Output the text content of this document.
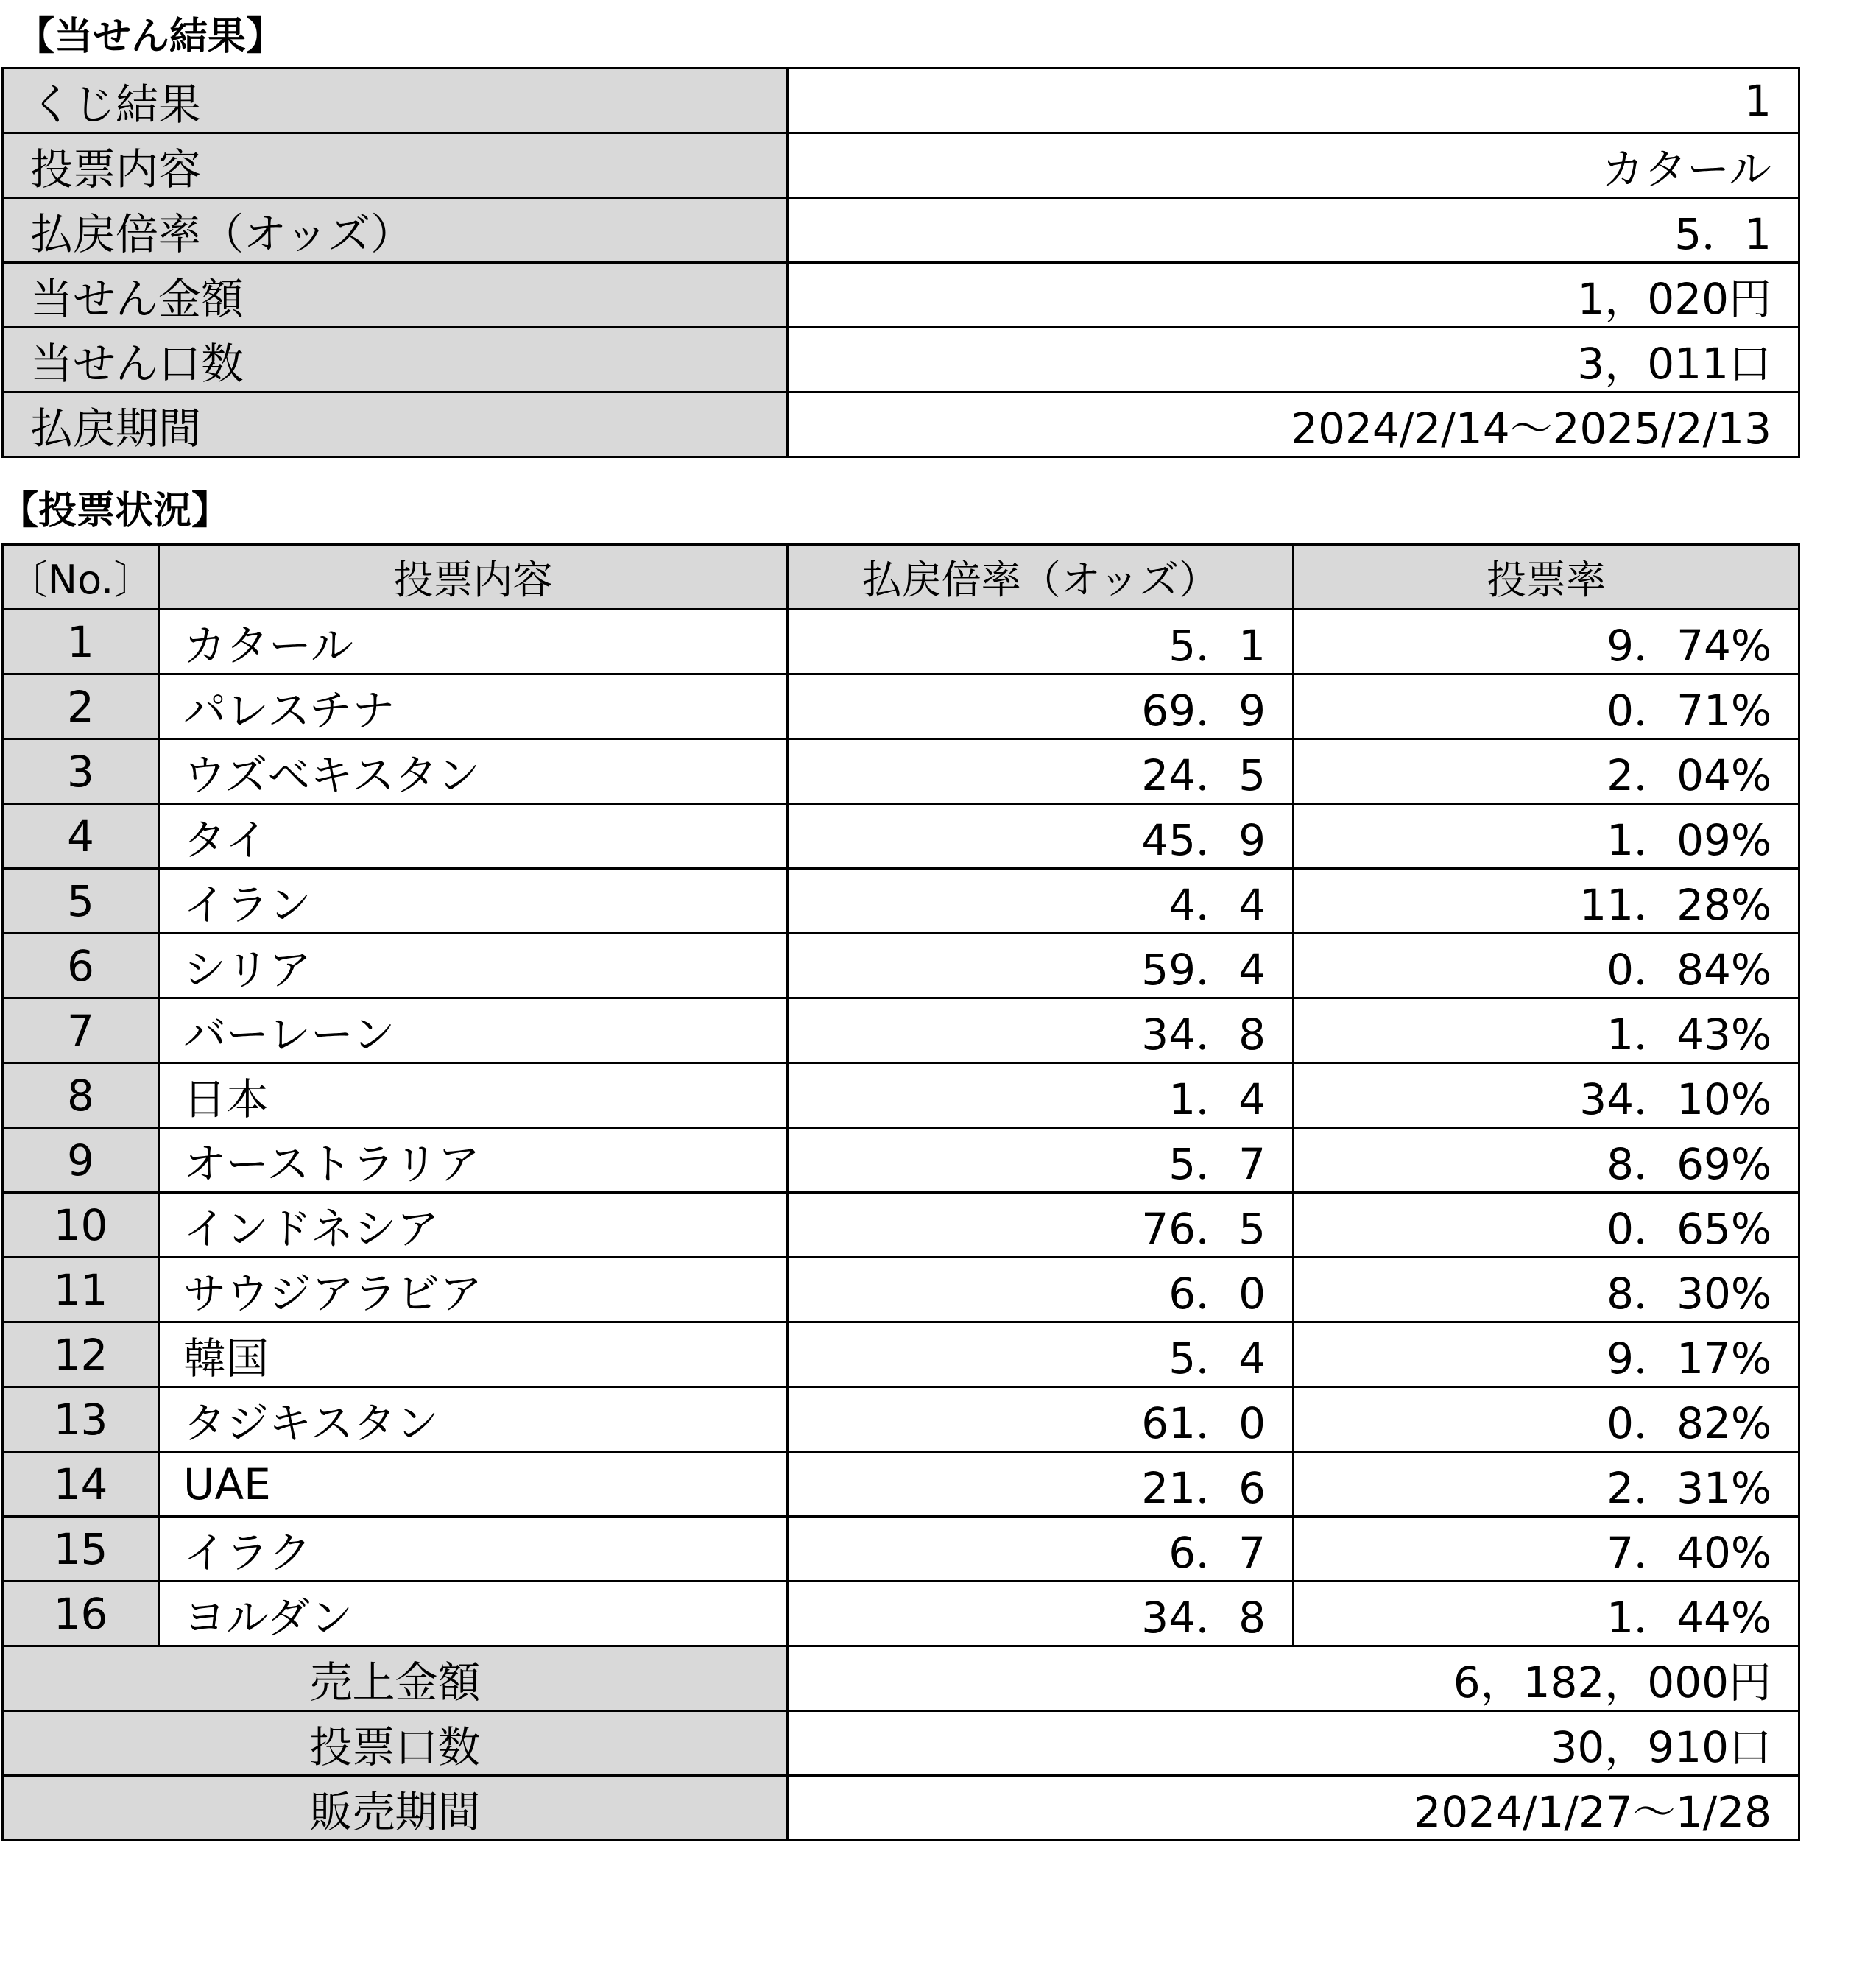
【当せん結果】
くじ結果	1
投票内容	カタール
払戻倍率（オッズ）	5．1
当せん金額	1，020円
当せん口数	3，011口
払戻期間	2024/2/14～2025/2/13
【投票状況】
〔No.〕	投票内容	払戻倍率（オッズ）	投票率
1	カタール	5．1	9．74%
2	パレスチナ	69．9	0．71%
3	ウズベキスタン	24．5	2．04%
4	タイ	45．9	1．09%
5	イラン	4．4	11．28%
6	シリア	59．4	0．84%
7	バーレーン	34．8	1．43%
8	日本	1．4	34．10%
9	オーストラリア	5．7	8．69%
10	インドネシア	76．5	0．65%
11	サウジアラビア	6．0	8．30%
12	韓国	5．4	9．17%
13	タジキスタン	61．0	0．82%
14	UAE	21．6	2．31%
15	イラク	6．7	7．40%
16	ヨルダン	34．8	1．44%
売上金額		6，182，000円	
投票口数		30，910口	
販売期間		2024/1/27～1/28	
